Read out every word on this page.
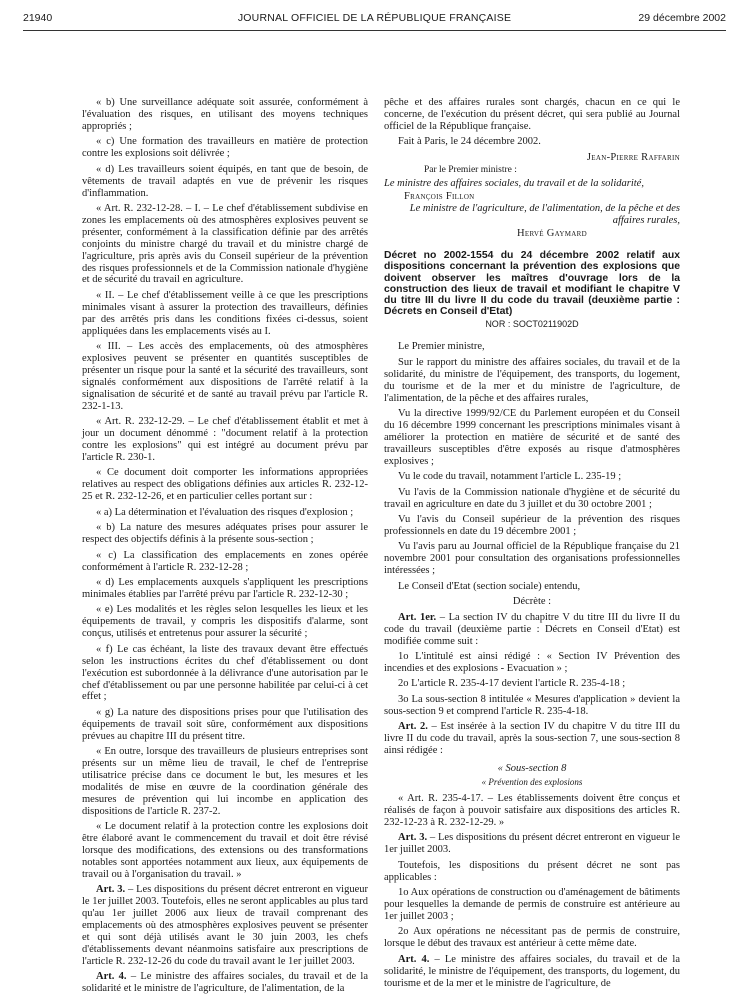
21940	JOURNAL OFFICIEL DE LA RÉPUBLIQUE FRANÇAISE	29 décembre 2002

« b) Une surveillance adéquate soit assurée, conformément à l'évaluation des risques, en utilisant des moyens techniques appropriés ;

« c) Une formation des travailleurs en matière de protection contre les explosions soit délivrée ;

« d) Les travailleurs soient équipés, en tant que de besoin, de vêtements de travail adaptés en vue de prévenir les risques d'inflammation.

« Art. R. 232-12-28. – I. – Le chef d'établissement subdivise en zones les emplacements où des atmosphères explosives peuvent se présenter, conformément à la classification définie par des arrêtés conjoints du ministre chargé du travail et du ministre chargé de l'agriculture, pris après avis du Conseil supérieur de la prévention des risques professionnels et de la Commission nationale d'hygiène et de sécurité du travail en agriculture.

« II. – Le chef d'établissement veille à ce que les prescriptions minimales visant à assurer la protection des travailleurs, définies par des arrêtés pris dans les conditions fixées ci-dessus, soient appliquées dans les emplacements visés au I.

« III. – Les accès des emplacements, où des atmosphères explosives peuvent se présenter en quantités susceptibles de présenter un risque pour la santé et la sécurité des travailleurs, sont signalés conformément aux dispositions de l'arrêté relatif à la signalisation de sécurité et de santé au travail prévu par l'article R. 232-1-13.

« Art. R. 232-12-29. – Le chef d'établissement établit et met à jour un document dénommé : "document relatif à la protection contre les explosions" qui est intégré au document prévu par l'article R. 230-1.

« Ce document doit comporter les informations appropriées relatives au respect des obligations définies aux articles R. 232-12-25 et R. 232-12-26, et en particulier celles portant sur :

« a) La détermination et l'évaluation des risques d'explosion ;

« b) La nature des mesures adéquates prises pour assurer le respect des objectifs définis à la présente sous-section ;

« c) La classification des emplacements en zones opérée conformément à l'article R. 232-12-28 ;

« d) Les emplacements auxquels s'appliquent les prescriptions minimales établies par l'arrêté prévu par l'article R. 232-12-30 ;

« e) Les modalités et les règles selon lesquelles les lieux et les équipements de travail, y compris les dispositifs d'alarme, sont conçus, utilisés et entretenus pour assurer la sécurité ;

« f) Le cas échéant, la liste des travaux devant être effectués selon les instructions écrites du chef d'établissement ou dont l'exécution est subordonnée à la délivrance d'une autorisation par le chef d'établissement ou par une personne habilitée par celui-ci à cet effet ;

« g) La nature des dispositions prises pour que l'utilisation des équipements de travail soit sûre, conformément aux dispositions prévues au chapitre III du présent titre.

« En outre, lorsque des travailleurs de plusieurs entreprises sont présents sur un même lieu de travail, le chef de l'entreprise utilisatrice précise dans ce document le but, les mesures et les modalités de mise en œuvre de la coordination générale des mesures de prévention qui lui incombe en application des dispositions de l'article R. 237-2.

« Le document relatif à la protection contre les explosions doit être élaboré avant le commencement du travail et doit être révisé lorsque des modifications, des extensions ou des transformations notables sont apportées notamment aux lieux, aux équipements de travail ou à l'organisation du travail. »

Art. 3. – Les dispositions du présent décret entreront en vigueur le 1er juillet 2003. Toutefois, elles ne seront applicables au plus tard qu'au 1er juillet 2006 aux lieux de travail comprenant des emplacements où des atmosphères explosives peuvent se présenter et qui sont déjà utilisés avant le 30 juin 2003, les chefs d'établissements devant néanmoins satisfaire aux prescriptions de l'article R. 232-12-26 du code du travail avant le 1er juillet 2003.

Art. 4. – Le ministre des affaires sociales, du travail et de la solidarité et le ministre de l'agriculture, de l'alimentation, de la

pêche et des affaires rurales sont chargés, chacun en ce qui le concerne, de l'exécution du présent décret, qui sera publié au Journal officiel de la République française.

Fait à Paris, le 24 décembre 2002.

Jean-Pierre Raffarin
Par le Premier ministre :
Le ministre des affaires sociales, du travail et de la solidarité,
François Fillon
Le ministre de l'agriculture, de l'alimentation, de la pêche et des affaires rurales,
Hervé Gaymard
Décret no 2002-1554 du 24 décembre 2002 relatif aux dispositions concernant la prévention des explosions que doivent observer les maîtres d'ouvrage lors de la construction des lieux de travail et modifiant le chapitre V du titre III du livre II du code du travail (deuxième partie : Décrets en Conseil d'Etat)
NOR : SOCT0211902D

Le Premier ministre,

Sur le rapport du ministre des affaires sociales, du travail et de la solidarité, du ministre de l'équipement, des transports, du logement, du tourisme et de la mer et du ministre de l'agriculture, de l'alimentation, de la pêche et des affaires rurales,

Vu la directive 1999/92/CE du Parlement européen et du Conseil du 16 décembre 1999 concernant les prescriptions minimales visant à améliorer la protection en matière de sécurité et de santé des travailleurs susceptibles d'être exposés au risque d'atmosphères explosives ;

Vu le code du travail, notamment l'article L. 235-19 ;

Vu l'avis de la Commission nationale d'hygiène et de sécurité du travail en agriculture en date du 3 juillet et du 30 octobre 2001 ;

Vu l'avis du Conseil supérieur de la prévention des risques professionnels en date du 19 décembre 2001 ;

Vu l'avis paru au Journal officiel de la République française du 21 novembre 2001 pour consultation des organisations professionnelles intéressées ;

Le Conseil d'Etat (section sociale) entendu,

Décrète :

Art. 1er. – La section IV du chapitre V du titre III du livre II du code du travail (deuxième partie : Décrets en Conseil d'Etat) est modifiée comme suit :

1o L'intitulé est ainsi rédigé : « Section IV Prévention des incendies et des explosions - Evacuation » ;

2o L'article R. 235-4-17 devient l'article R. 235-4-18 ;

3o La sous-section 8 intitulée « Mesures d'application » devient la sous-section 9 et comprend l'article R. 235-4-18.

Art. 2. – Est insérée à la section IV du chapitre V du titre III du livre II du code du travail, après la sous-section 7, une sous-section 8 ainsi rédigée :

« Sous-section 8
« Prévention des explosions

« Art. R. 235-4-17. – Les établissements doivent être conçus et réalisés de façon à pouvoir satisfaire aux dispositions des articles R. 232-12-23 à R. 232-12-29. »

Art. 3. – Les dispositions du présent décret entreront en vigueur le 1er juillet 2003.

Toutefois, les dispositions du présent décret ne sont pas applicables :

1o Aux opérations de construction ou d'aménagement de bâtiments pour lesquelles la demande de permis de construire est antérieure au 1er juillet 2003 ;

2o Aux opérations ne nécessitant pas de permis de construire, lorsque le début des travaux est antérieur à cette même date.

Art. 4. – Le ministre des affaires sociales, du travail et de la solidarité, le ministre de l'équipement, des transports, du logement, du tourisme et de la mer et le ministre de l'agriculture, de
